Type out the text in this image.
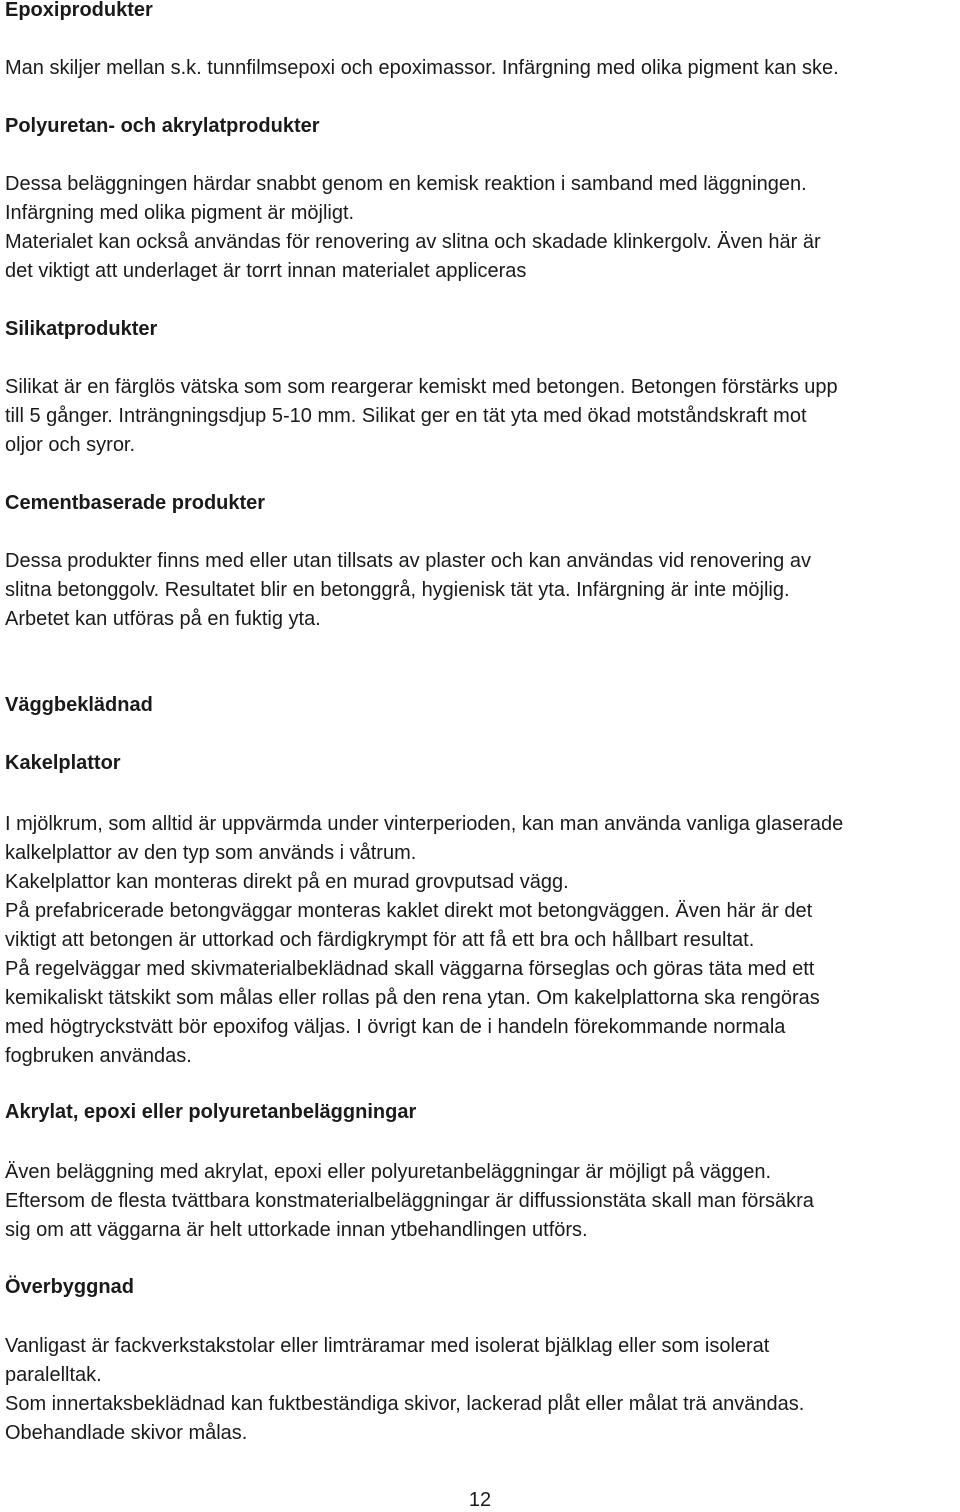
Epoxiprodukter

Man skiljer mellan s.k. tunnfilmsepoxi och epoximassor. Infärgning med olika pigment kan ske.

Polyuretan- och akrylatprodukter

Dessa beläggningen härdar snabbt genom en kemisk reaktion i samband med läggningen.

Infärgning med olika pigment är möjligt.

Materialet kan också användas för renovering av slitna och skadade klinkergolv. Även här är

det viktigt att underlaget är torrt innan materialet appliceras

Silikatprodukter

Silikat är en färglös vätska som som reargerar kemiskt med betongen. Betongen förstärks upp

till 5 gånger. Inträngningsdjup 5-10 mm. Silikat ger en tät yta med ökad motståndskraft mot

oljor och syror.

Cementbaserade produkter

Dessa produkter finns med eller utan tillsats av plaster och kan användas vid renovering av

slitna betonggolv. Resultatet blir en betonggrå, hygienisk tät yta. Infärgning är inte möjlig.

Arbetet kan utföras på en fuktig yta.

Väggbeklädnad

Kakelplattor

I mjölkrum, som alltid är uppvärmda under vinterperioden, kan man använda vanliga glaserade

kalkelplattor av den typ som används i våtrum.

Kakelplattor kan monteras direkt på en murad grovputsad vägg.

På prefabricerade betongväggar monteras kaklet direkt mot betongväggen. Även här är det

viktigt att betongen är uttorkad och färdigkrympt för att få ett bra och hållbart resultat.

På regelväggar med skivmaterialbeklädnad skall väggarna förseglas och göras täta med ett

kemikaliskt tätskikt som målas eller rollas på den rena ytan. Om kakelplattorna ska rengöras

med högtryckstvätt bör epoxifog väljas. I övrigt kan de i handeln förekommande normala

fogbruken användas.

Akrylat, epoxi eller polyuretanbeläggningar

Även beläggning med akrylat, epoxi eller polyuretanbeläggningar är möjligt på väggen.

Eftersom de flesta tvättbara konstmaterialbeläggningar är diffussionstäta skall man försäkra

sig om att väggarna är helt uttorkade innan ytbehandlingen utförs.

Överbyggnad

Vanligast är fackverkstakstolar eller limträramar med isolerat bjälklag eller som isolerat

paralelltak.

Som innertaksbeklädnad kan fuktbeständiga skivor, lackerad plåt eller målat trä användas.

Obehandlade skivor målas.

12
